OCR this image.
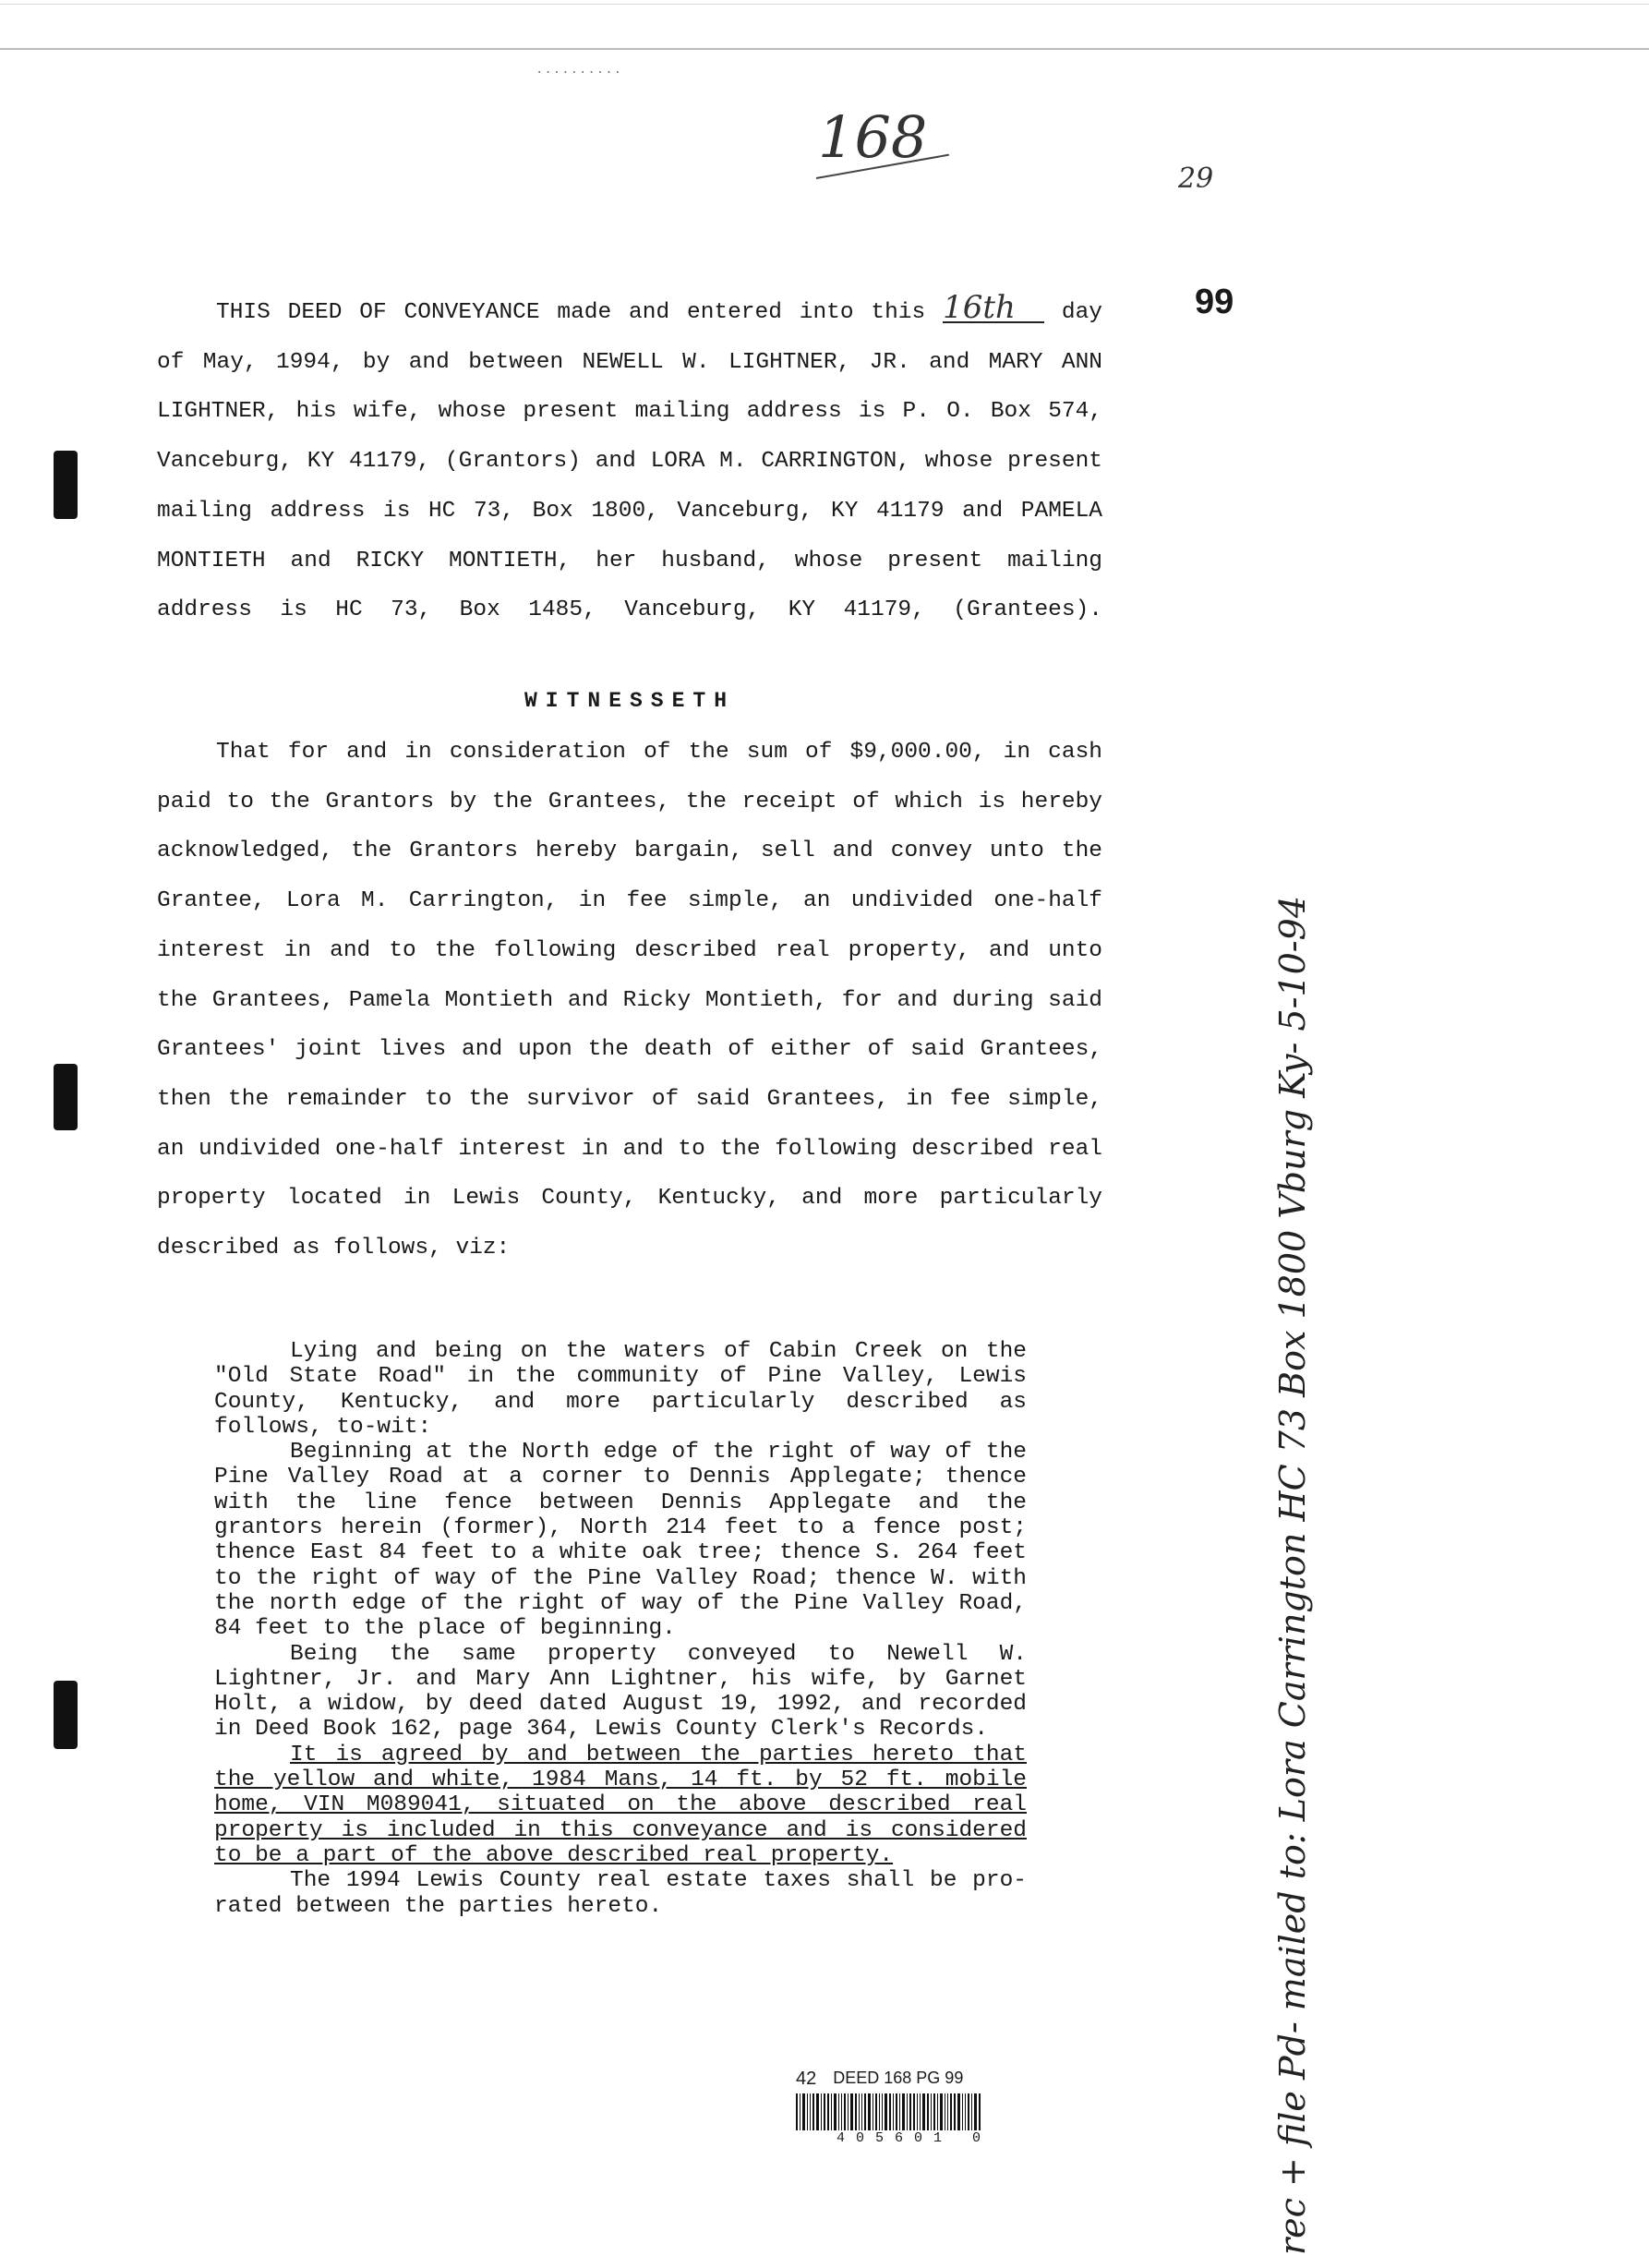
..........
168
29
99
THIS DEED OF CONVEYANCE made and entered into this 16th day of May, 1994, by and between NEWELL W. LIGHTNER, JR. and MARY ANN LIGHTNER, his wife, whose present mailing address is P. O. Box 574, Vanceburg, KY 41179, (Grantors) and LORA M. CARRINGTON, whose present mailing address is HC 73, Box 1800, Vanceburg, KY 41179 and PAMELA MONTIETH and RICKY MONTIETH, her husband, whose present mailing address is HC 73, Box 1485, Vanceburg, KY 41179, (Grantees).
WITNESSETH
That for and in consideration of the sum of $9,000.00, in cash paid to the Grantors by the Grantees, the receipt of which is hereby acknowledged, the Grantors hereby bargain, sell and convey unto the Grantee, Lora M. Carrington, in fee simple, an undivided one-half interest in and to the following described real property, and unto the Grantees, Pamela Montieth and Ricky Montieth, for and during said Grantees' joint lives and upon the death of either of said Grantees, then the remainder to the survivor of said Grantees, in fee simple, an undivided one-half interest in and to the following described real property located in Lewis County, Kentucky, and more particularly described as follows, viz:

Lying and being on the waters of Cabin Creek on the "Old State Road" in the community of Pine Valley, Lewis County, Kentucky, and more particularly described as follows, to-wit:

Beginning at the North edge of the right of way of the Pine Valley Road at a corner to Dennis Applegate; thence with the line fence between Dennis Applegate and the grantors herein (former), North 214 feet to a fence post; thence East 84 feet to a white oak tree; thence S. 264 feet to the right of way of the Pine Valley Road; thence W. with the north edge of the right of way of the Pine Valley Road, 84 feet to the place of beginning.

Being the same property conveyed to Newell W. Lightner, Jr. and Mary Ann Lightner, his wife, by Garnet Holt, a widow, by deed dated August 19, 1992, and recorded in Deed Book 162, page 364, Lewis County Clerk's Records.

It is agreed by and between the parties hereto that the yellow and white, 1984 Mans, 14 ft. by 52 ft. mobile home, VIN M089041, situated on the above described real property is included in this conveyance and is considered to be a part of the above described real property.

The 1994 Lewis County real estate taxes shall be pro-rated between the parties hereto.	rec + file Pd- mailed to: Lora Carrington HC 73 Box 1800 Vburg Ky- 5-10-94
42 DEED 168 PG 99
405601 0
